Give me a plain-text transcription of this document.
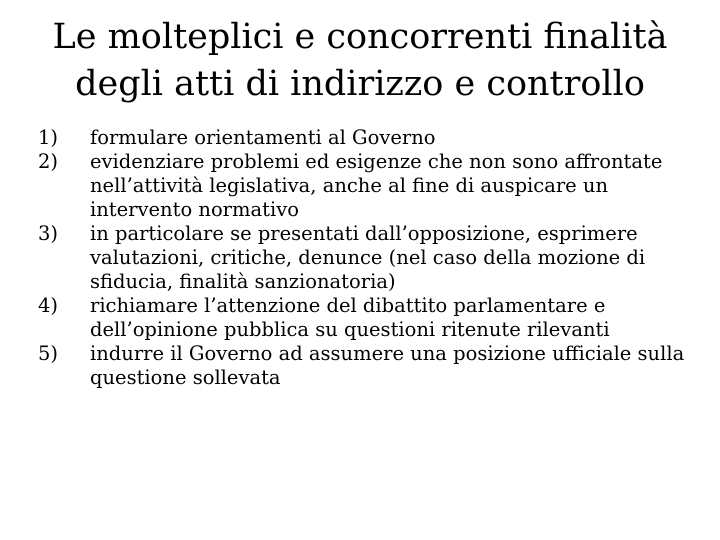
Le molteplici e concorrenti finalità
degli atti di indirizzo e controllo
1) formulare orientamenti al Governo
2) evidenziare problemi ed esigenze che non sono affrontate nell’attività legislativa, anche al fine di auspicare un intervento normativo
3) in particolare se presentati dall’opposizione, esprimere valutazioni, critiche, denunce (nel caso della mozione di sfiducia, finalità sanzionatoria)
4) richiamare l’attenzione del dibattito parlamentare e dell’opinione pubblica su questioni ritenute rilevanti
5) indurre il Governo ad assumere una posizione ufficiale sulla questione sollevata
